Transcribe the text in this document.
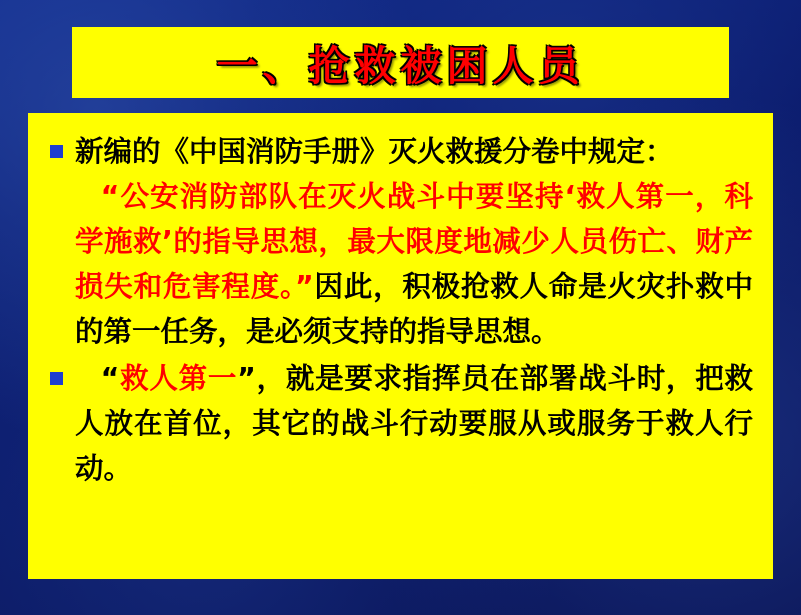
一、抢救被困人员
新编的《中国消防手册》灭火救援分卷中规定：
“公安消防部队在灭火战斗中要坚持‘救人第一，科学施救’的指导思想，最大限度地减少人员伤亡、财产损失和危害程度。”因此，积极抢救人命是火灾扑救中的第一任务，是必须支持的指导思想。
“救人第一”，就是要求指挥员在部署战斗时，把救人放在首位，其它的战斗行动要服从或服务于救人行动。
